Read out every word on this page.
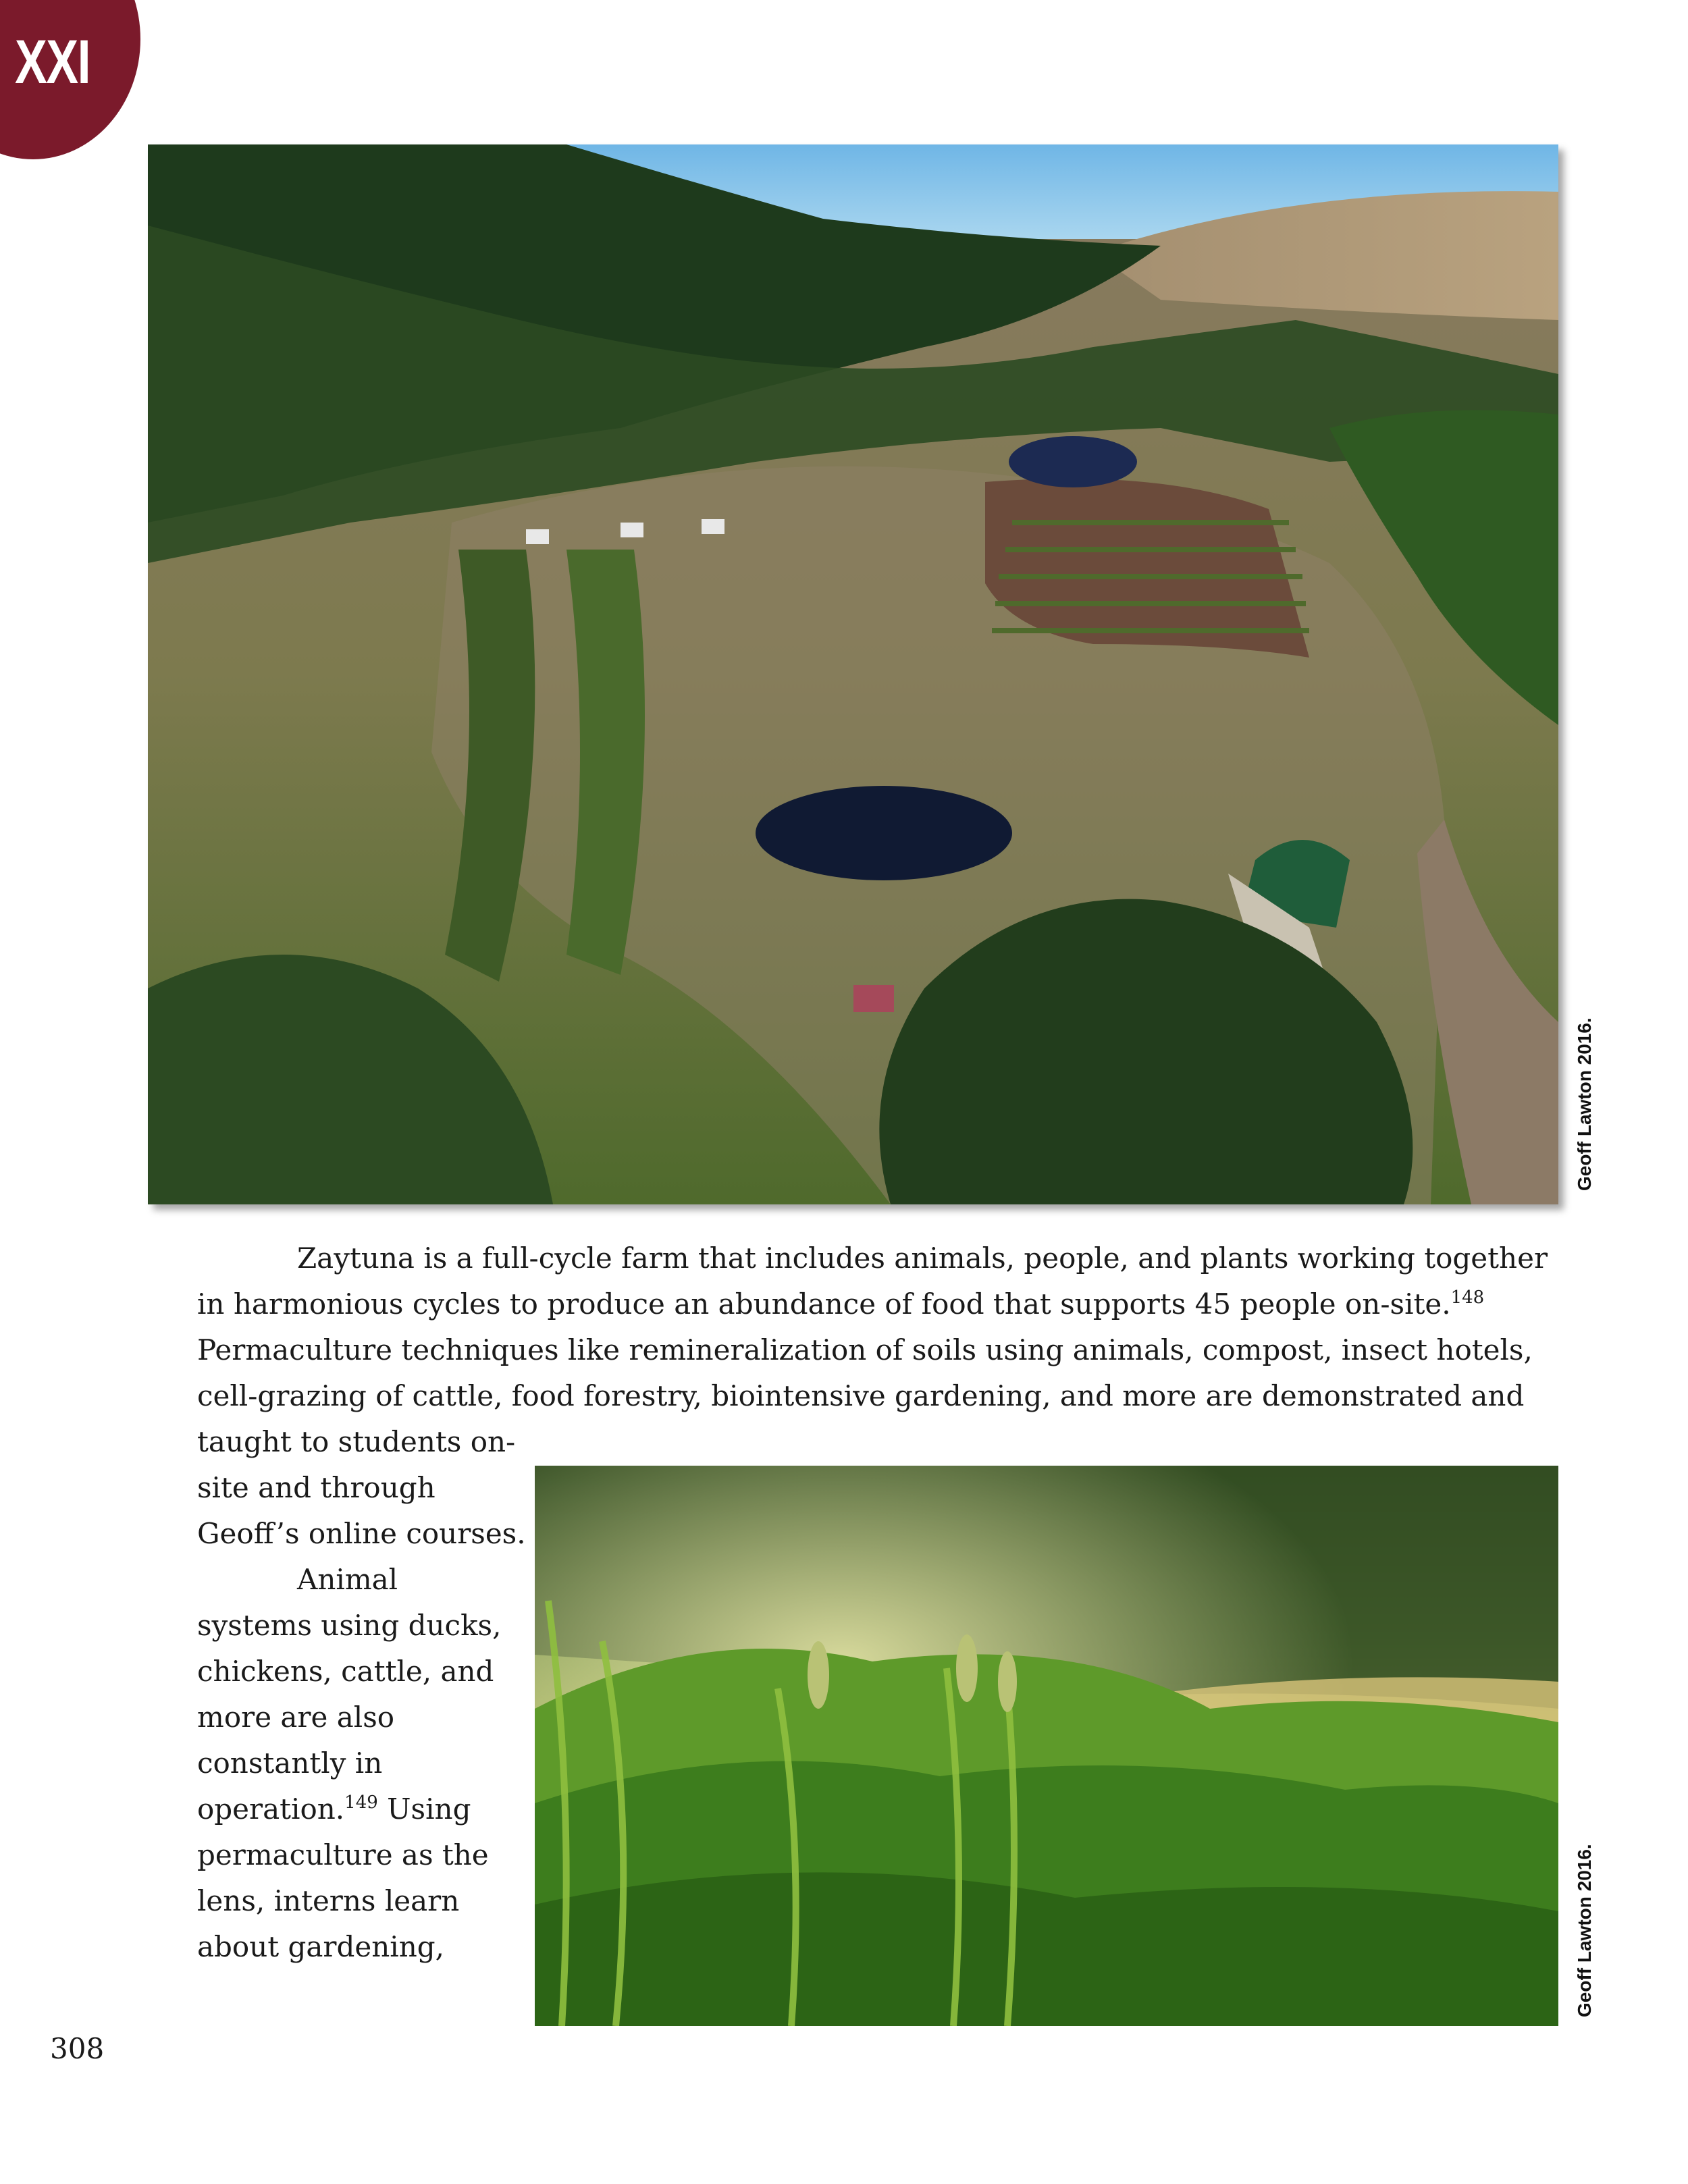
XXI
Geoff Lawton 2016.
Zaytuna is a full-cycle farm that includes animals, people, and plants working together
in harmonious cycles to produce an abundance of food that supports 45 people on-site.$^{148}$
Permaculture techniques like remineralization of soils using animals, compost, insect hotels,
cell-grazing of cattle, food forestry, biointensive gardening, and more are demonstrated and
taught to students on-
site and through
Geoff’s online courses.
Animal
systems using ducks,
chickens, cattle, and
more are also
constantly in
operation.$^{149}$ Using
permaculture as the
lens, interns learn
about gardening,	Geoff Lawton 2016.
308
